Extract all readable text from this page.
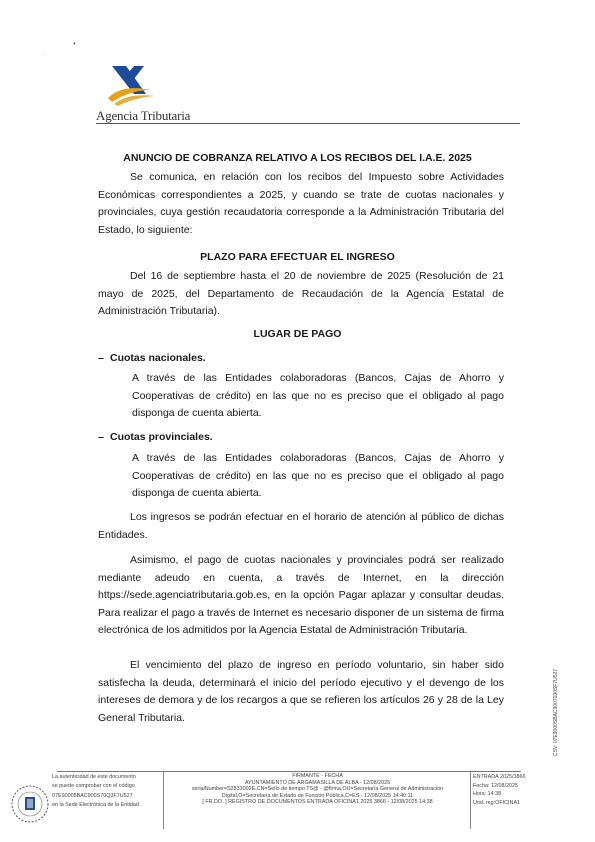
*
,
Agencia Tributaria
ANUNCIO DE COBRANZA RELATIVO A LOS RECIBOS DEL I.A.E. 2025
Se comunica, en relación con los recibos del Impuesto sobre Actividades Económicas correspondientes a 2025, y cuando se trate de cuotas nacionales y provinciales, cuya gestión recaudatoria corresponde a la Administración Tributaria del Estado, lo siguiente:
PLAZO PARA EFECTUAR EL INGRESO
Del 16 de septiembre hasta el 20 de noviembre de 2025 (Resolución de 21 mayo de 2025, del Departamento de Recaudación de la Agencia Estatal de Administración Tributaria).
LUGAR DE PAGO
– Cuotas nacionales.
A través de las Entidades colaboradoras (Bancos, Cajas de Ahorro y Cooperativas de crédito) en las que no es preciso que el obligado al pago disponga de cuenta abierta.
– Cuotas provinciales.
A través de las Entidades colaboradoras (Bancos, Cajas de Ahorro y Cooperativas de crédito) en las que no es preciso que el obligado al pago disponga de cuenta abierta.
Los ingresos se podrán efectuar en el horario de atención al público de dichas Entidades.
Asimismo, el pago de cuotas nacionales y provinciales podrá ser realizado mediante adeudo en cuenta, a través de Internet, en la dirección https://sede.agenciatributaria.gob.es, en la opción Pagar aplazar y consultar deudas. Para realizar el pago a través de Internet es necesario disponer de un sistema de firma electrónica de los admitidos por la Agencia Estatal de Administración Tributaria.
El vencimiento del plazo de ingreso en período voluntario, sin haber sido satisfecha la deuda, determinará el inicio del período ejecutivo y el devengo de los intereses de demora y de los recargos a que se refieren los artículos 26 y 28 de la Ley General Tributaria.	CSV: 07E9000SBAC9007030SF7U527
La autenticidad de este documento
se puede comprobar con el código
07E90005BAC900S70Q3F7U527
en la Sede Electrónica de la Entidad
FIRMANTE - FECHA
AYUNTAMIENTO DE ARGAMASILLA DE ALBA - 12/08/2025
serialNumber=S2833002E,CN=Sello de tiempo TS@ - @firma,OU=Secretaría General de Administración
Digital,O=Secretaría de Estado de Función Pública,C=ES - 12/08/2025 14:40:11
[ FR.DO. ] REGISTRO DE DOCUMENTOS ENTRADA OFICINA1 2025 3866 - 12/08/2025 14:38
ENTRADA 2025/3866
Fecha: 12/08/2025
Hora: 14:38
Und. reg:OFICINA1
